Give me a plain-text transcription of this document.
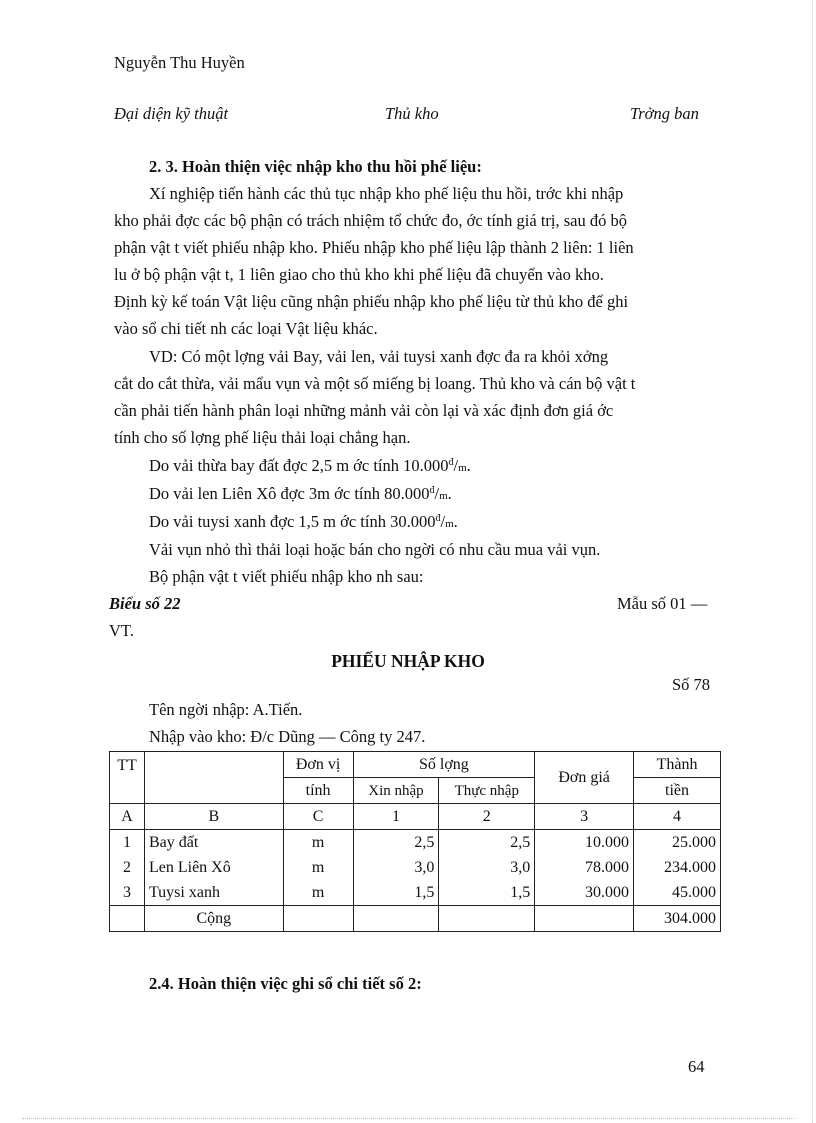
Nguyễn Thu Huyền
Đại diện kỹ thuật	Thủ kho	Trởng ban
2. 3. Hoàn thiện việc nhập kho thu hồi phế liệu:
Xí nghiệp tiến hành các thủ tục nhập kho phế liệu thu hồi, trớc khi nhập
kho phải đợc các bộ phận có trách nhiệm tổ chức đo, ớc tính giá trị, sau đó bộ
phận vật t viết phiếu nhập kho. Phiếu nhập kho phế liệu lập thành 2 liên: 1 liên
lu ở bộ phận vật t, 1 liên giao cho thủ kho khi phế liệu đã chuyển vào kho.
Định kỳ kế toán Vật liệu cũng nhận phiếu nhập kho phế liệu từ thủ kho để ghi
vào sổ chi tiết nh các loại Vật liệu khác.
VD: Có một lợng vải Bay, vải len, vải tuysi xanh đợc đa ra khỏi xởng
cắt do cắt thừa, vải mẩu vụn và một số miếng bị loang. Thủ kho và cán bộ vật t
cần phải tiến hành phân loại những mảnh vải còn lại và xác định đơn giá ớc
tính cho số lợng phế liệu thải loại chẳng hạn.
Do vải thừa bay đất đợc 2,5 m ớc tính $10.000^đ/m$.
Do vải len Liên Xô đợc 3m ớc tính $80.000^đ/m$.
Do vải tuysi xanh đợc 1,5 m ớc tính $30.000^đ/m$.
Vải vụn nhỏ thì thải loại hoặc bán cho ngời có nhu cầu mua vải vụn.
Bộ phận vật t viết phiếu nhập kho nh sau:
Biểu số 22	Mẫu số 01 —
VT.
PHIẾU NHẬP KHO
Số 78
Tên ngời nhập: A.Tiến.
Nhập vào kho: Đ/c Dũng — Công ty 247.
TT		Đơn vị	Số lợng		Đơn giá	Thành
		tính	Xin nhập	Thực nhập		tiền
A	B	C	1	2	3	4
1	Bay đất	m	2,5	2,5	10.000	25.000
2	Len Liên Xô	m	3,0	3,0	78.000	234.000
3	Tuysi xanh	m	1,5	1,5	30.000	45.000
	Cộng					304.000
2.4. Hoàn thiện việc ghi sổ chi tiết số 2:
64
